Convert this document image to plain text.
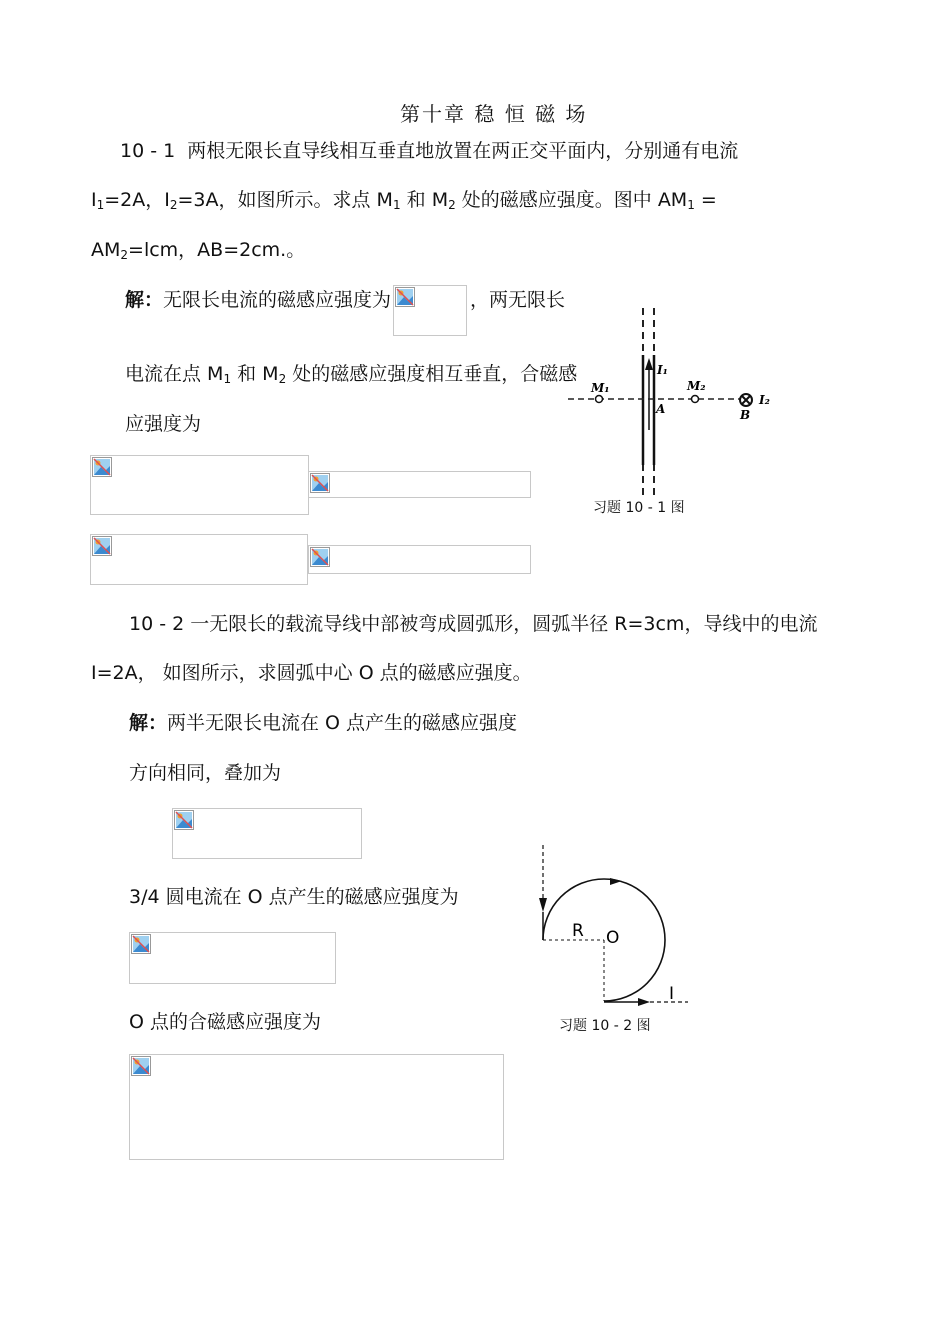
第十章 稳 恒 磁 场
10 - 1 两根无限长直导线相互垂直地放置在两正交平面内，分别通有电流
$I_1=2A$，$I_2=3A$，如图所示。求点 $M_1$ 和 $M_2$ 处的磁感应强度。图中 $AM_1$ =
$AM_2=lcm$，AB=2cm.。
解：无限长电流的磁感应强度为	，两无限长
电流在点 $M_1$ 和 $M_2$ 处的磁感应强度相互垂直，合磁感
应强度为
I₁
M₁	M₂
A	B
I₂
习题 10 - 1 图
10 - 2 一无限长的载流导线中部被弯成圆弧形，圆弧半径 R=3cm，导线中的电流
I=2A， 如图所示，求圆弧中心 O 点的磁感应强度。
解：两半无限长电流在 O 点产生的磁感应强度
方向相同，叠加为
3/4 圆电流在 O 点产生的磁感应强度为
O 点的合磁感应强度为
R O
I
习题 10 - 2 图
